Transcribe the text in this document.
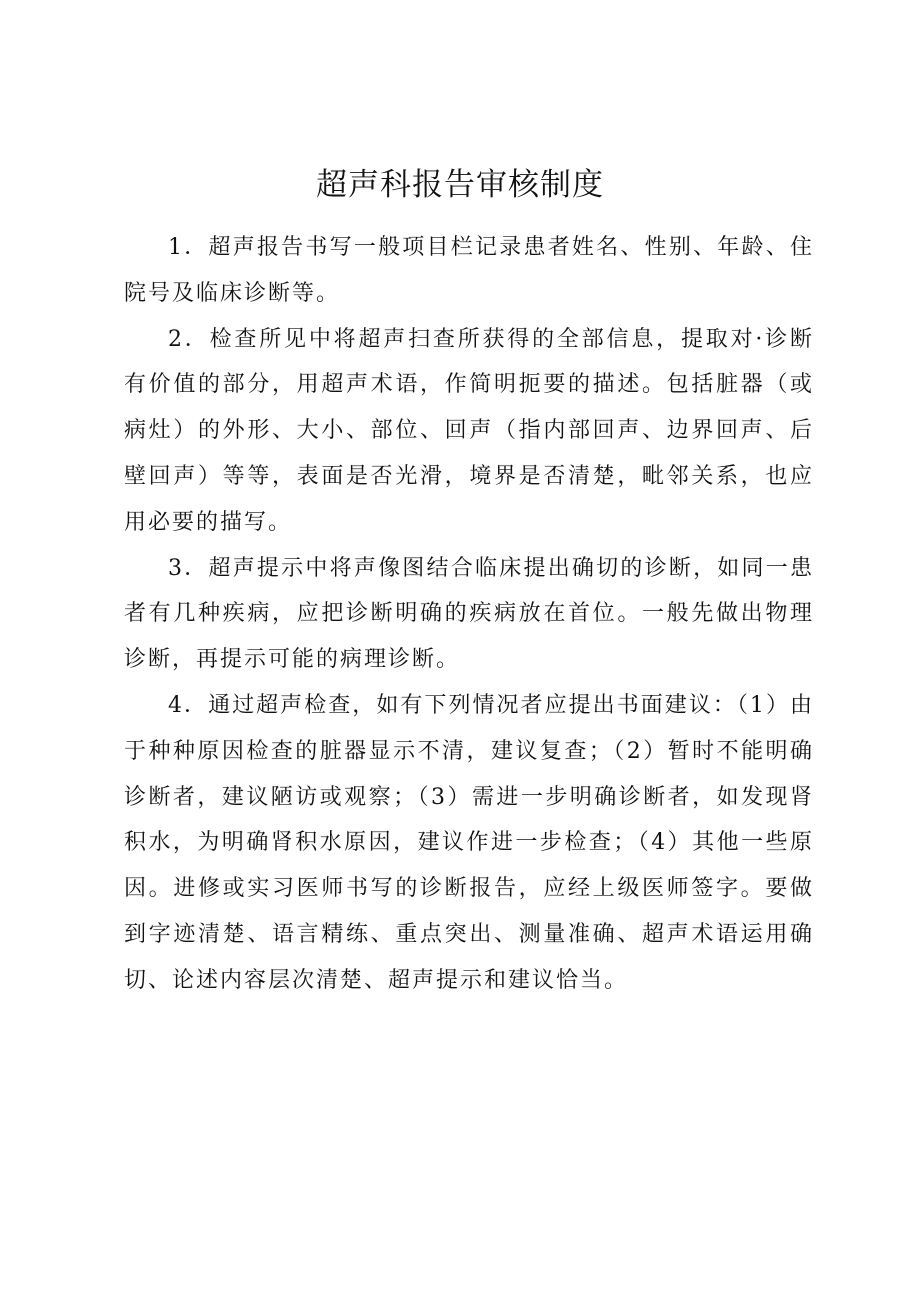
超声科报告审核制度

1．超声报告书写一般项目栏记录患者姓名、性别、年龄、住院号及临床诊断等。

2．检查所见中将超声扫查所获得的全部信息，提取对·诊断有价值的部分，用超声术语，作简明扼要的描述。包括脏器（或病灶）的外形、大小、部位、回声（指内部回声、边界回声、后壁回声）等等，表面是否光滑，境界是否清楚，毗邻关系，也应用必要的描写。

3．超声提示中将声像图结合临床提出确切的诊断，如同一患者有几种疾病，应把诊断明确的疾病放在首位。一般先做出物理诊断，再提示可能的病理诊断。

4．通过超声检查，如有下列情况者应提出书面建议：（1）由于种种原因检查的脏器显示不清，建议复查；（2）暂时不能明确诊断者，建议陋访或观察；（3）需进一步明确诊断者，如发现肾积水，为明确肾积水原因，建议作进一步检查；（4）其他一些原因。进修或实习医师书写的诊断报告，应经上级医师签字。要做到字迹清楚、语言精练、重点突出、测量准确、超声术语运用确切、论述内容层次清楚、超声提示和建议恰当。
